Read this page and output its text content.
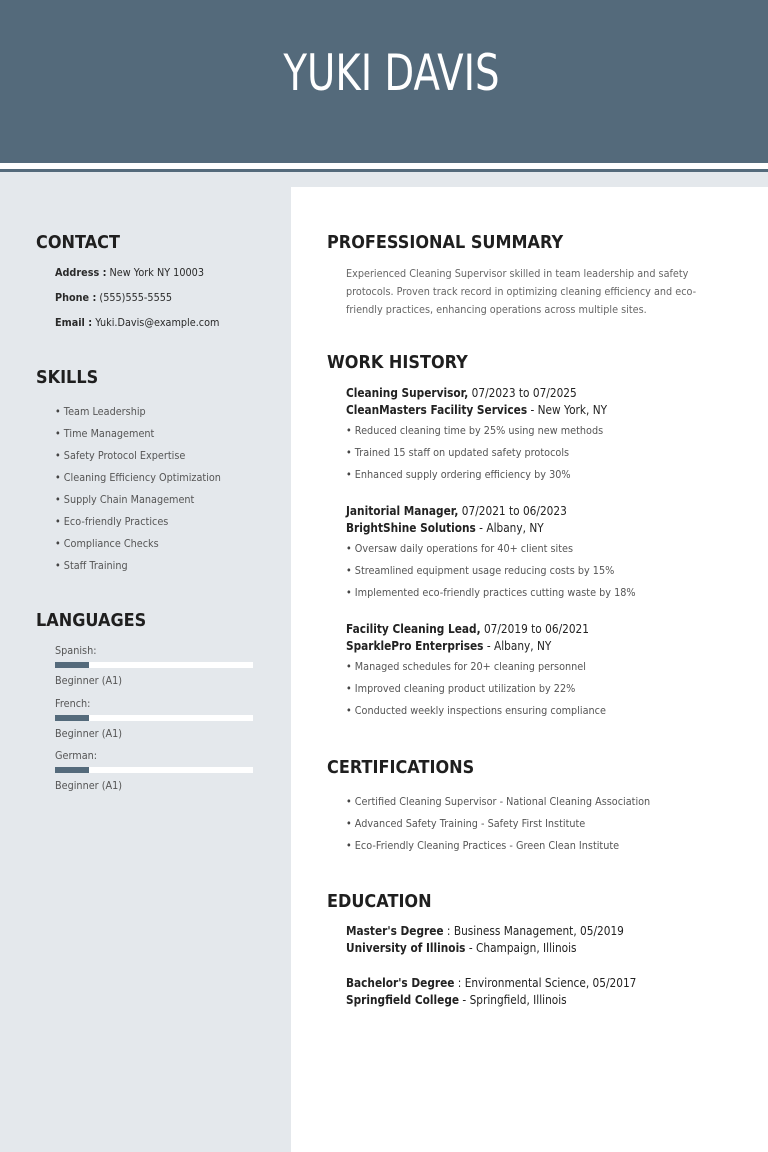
YUKI DAVIS
CONTACT
Address : New York NY 10003
Phone : (555)555-5555
Email : Yuki.Davis@example.com
SKILLS
• Team Leadership
• Time Management
• Safety Protocol Expertise
• Cleaning Efficiency Optimization
• Supply Chain Management
• Eco-friendly Practices
• Compliance Checks
• Staff Training
LANGUAGES
Spanish:
Beginner (A1)
French:
Beginner (A1)
German:
Beginner (A1)
PROFESSIONAL SUMMARY

Experienced Cleaning Supervisor skilled in team leadership and safety protocols. Proven track record in optimizing cleaning efficiency and eco-friendly practices, enhancing operations across multiple sites.

WORK HISTORY
Cleaning Supervisor, 07/2023 to 07/2025
CleanMasters Facility Services - New York, NY
• Reduced cleaning time by 25% using new methods
• Trained 15 staff on updated safety protocols
• Enhanced supply ordering efficiency by 30%
Janitorial Manager, 07/2021 to 06/2023
BrightShine Solutions - Albany, NY
• Oversaw daily operations for 40+ client sites
• Streamlined equipment usage reducing costs by 15%
• Implemented eco-friendly practices cutting waste by 18%
Facility Cleaning Lead, 07/2019 to 06/2021
SparklePro Enterprises - Albany, NY
• Managed schedules for 20+ cleaning personnel
• Improved cleaning product utilization by 22%
• Conducted weekly inspections ensuring compliance
CERTIFICATIONS
• Certified Cleaning Supervisor - National Cleaning Association
• Advanced Safety Training - Safety First Institute
• Eco-Friendly Cleaning Practices - Green Clean Institute
EDUCATION
Master's Degree : Business Management, 05/2019
University of Illinois - Champaign, Illinois
Bachelor's Degree : Environmental Science, 05/2017
Springfield College - Springfield, Illinois
